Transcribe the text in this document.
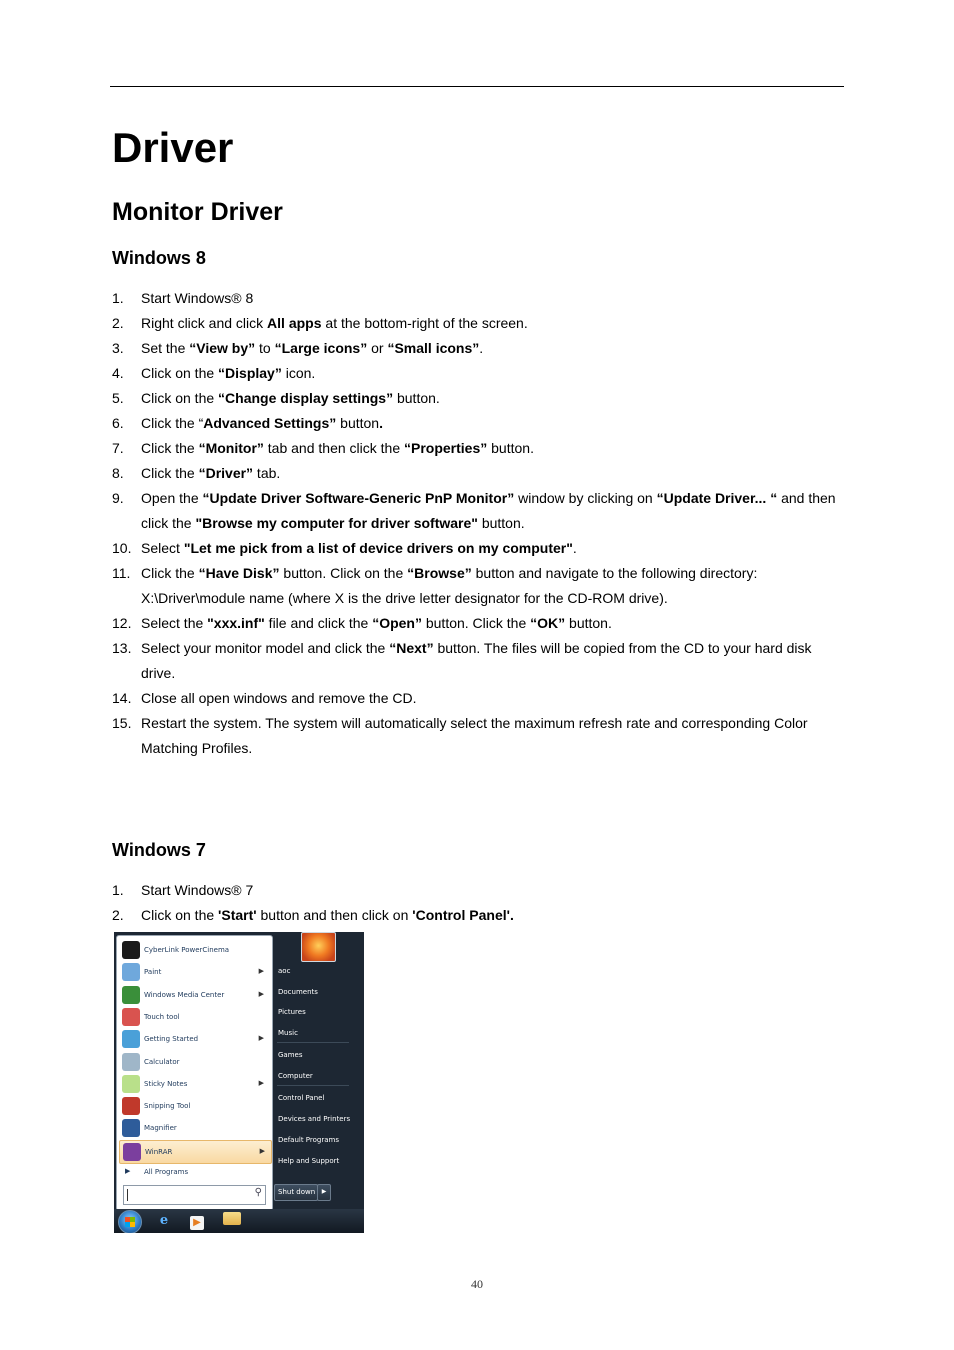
Driver
Monitor Driver
Windows 8
1. Start Windows® 8
2. Right click and click All apps at the bottom-right of the screen.
3. Set the “View by” to “Large icons” or “Small icons”.
4. Click on the “Display” icon.
5. Click on the “Change display settings” button.
6. Click the “Advanced Settings” button.
7. Click the “Monitor” tab and then click the “Properties” button.
8. Click the “Driver” tab.
9. Open the “Update Driver Software-Generic PnP Monitor” window by clicking on “Update Driver... “ and then click the "Browse my computer for driver software" button.
10. Select "Let me pick from a list of device drivers on my computer".
11. Click the “Have Disk” button. Click on the “Browse” button and navigate to the following directory: X:\Driver\module name (where X is the drive letter designator for the CD-ROM drive).
12. Select the "xxx.inf" file and click the “Open” button. Click the “OK” button.
13. Select your monitor model and click the “Next” button. The files will be copied from the CD to your hard disk drive.
14. Close all open windows and remove the CD.
15. Restart the system. The system will automatically select the maximum refresh rate and corresponding Color Matching Profiles.
Windows 7
1. Start Windows® 7
2. Click on the 'Start' button and then click on 'Control Panel'.
▶ All Programs
⚲
CyberLink PowerCinema
Paint	▶
Windows Media Center	▶
Touch tool
Getting Started	▶
Calculator
Sticky Notes	▶
Snipping Tool
Magnifier
WinRAR	▶
aoc
Documents
Pictures
Music
Games
Computer
Control Panel
Devices and Printers
Default Programs
Help and Support
Shut down	▶
e	▶
40
